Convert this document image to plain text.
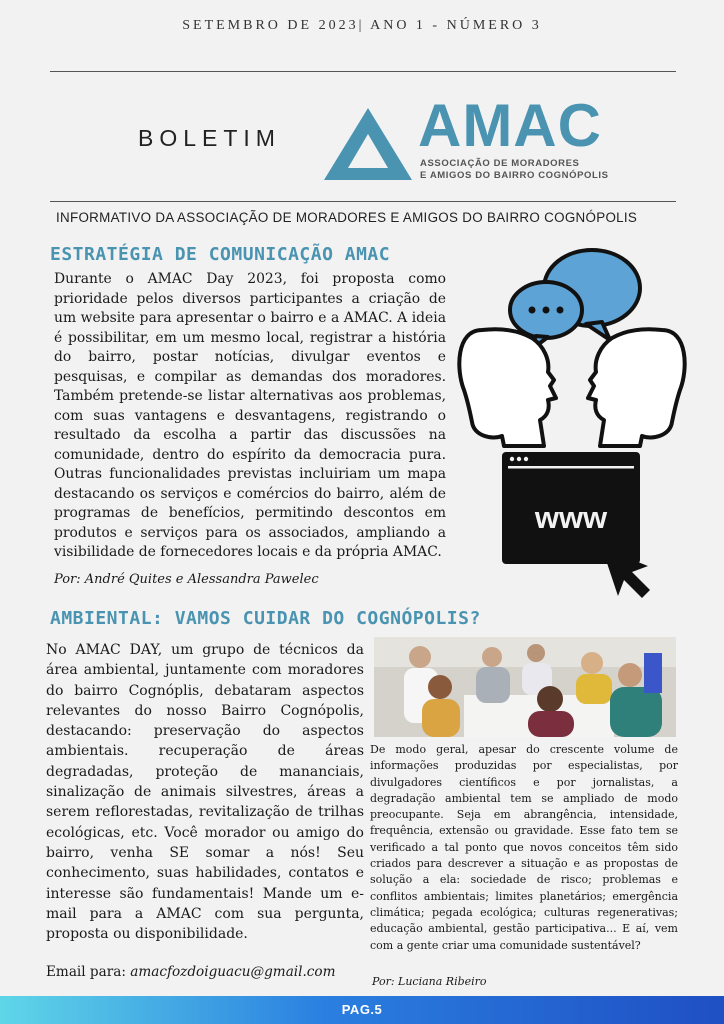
SETEMBRO DE 2023| ANO 1 - NÚMERO 3
BOLETIM AMAC
ASSOCIAÇÃO DE MORADORES
E AMIGOS DO BAIRRO COGNÓPOLIS
INFORMATIVO DA ASSOCIAÇÃO DE MORADORES E AMIGOS DO BAIRRO COGNÓPOLIS
ESTRATÉGIA DE COMUNICAÇÃO AMAC

Durante o AMAC Day 2023, foi proposta como prioridade pelos diversos participantes a criação de um website para apresentar o bairro e a AMAC. A ideia é possibilitar, em um mesmo local, registrar a história do bairro, postar notícias, divulgar eventos e pesquisas, e compilar as demandas dos moradores. Também pretende-se listar alternativas aos problemas, com suas vantagens e desvantagens, registrando o resultado da escolha a partir das discussões na comunidade, dentro do espírito da democracia pura. Outras funcionalidades previstas incluiriam um mapa destacando os serviços e comércios do bairro, além de programas de benefícios, permitindo descontos em produtos e serviços para os associados, ampliando a visibilidade de fornecedores locais e da própria AMAC.

Por: André Quites e Alessandra Pawelec
www
AMBIENTAL: VAMOS CUIDAR DO COGNÓPOLIS?

No AMAC DAY, um grupo de técnicos da área ambiental, juntamente com moradores do bairro Cognóplis, debataram aspectos relevantes do nosso Bairro Cognópolis, destacando: preservação do aspectos ambientais. recuperação de áreas degradadas, proteção de mananciais, sinalização de animais silvestres, áreas a serem reflorestadas, revitalização de trilhas ecológicas, etc. Você morador ou amigo do bairro, venha SE somar a nós! Seu conhecimento, suas habilidades, contatos e interesse são fundamentais! Mande um e-mail para a AMAC com sua pergunta, proposta ou disponibilidade.

Email para: amacfozdoiguacu@gmail.com

De modo geral, apesar do crescente volume de informações produzidas por especialistas, por divulgadores científicos e por jornalistas, a degradação ambiental tem se ampliado de modo preocupante. Seja em abrangência, intensidade, frequência, extensão ou gravidade. Esse fato tem se verificado a tal ponto que novos conceitos têm sido criados para descrever a situação e as propostas de solução a ela: sociedade de risco; problemas e conflitos ambientais; limites planetários; emergência climática; pegada ecológica; culturas regenerativas; educação ambiental, gestão participativa... E aí, vem com a gente criar uma comunidade sustentável?

Por: Luciana Ribeiro
PAG.5
